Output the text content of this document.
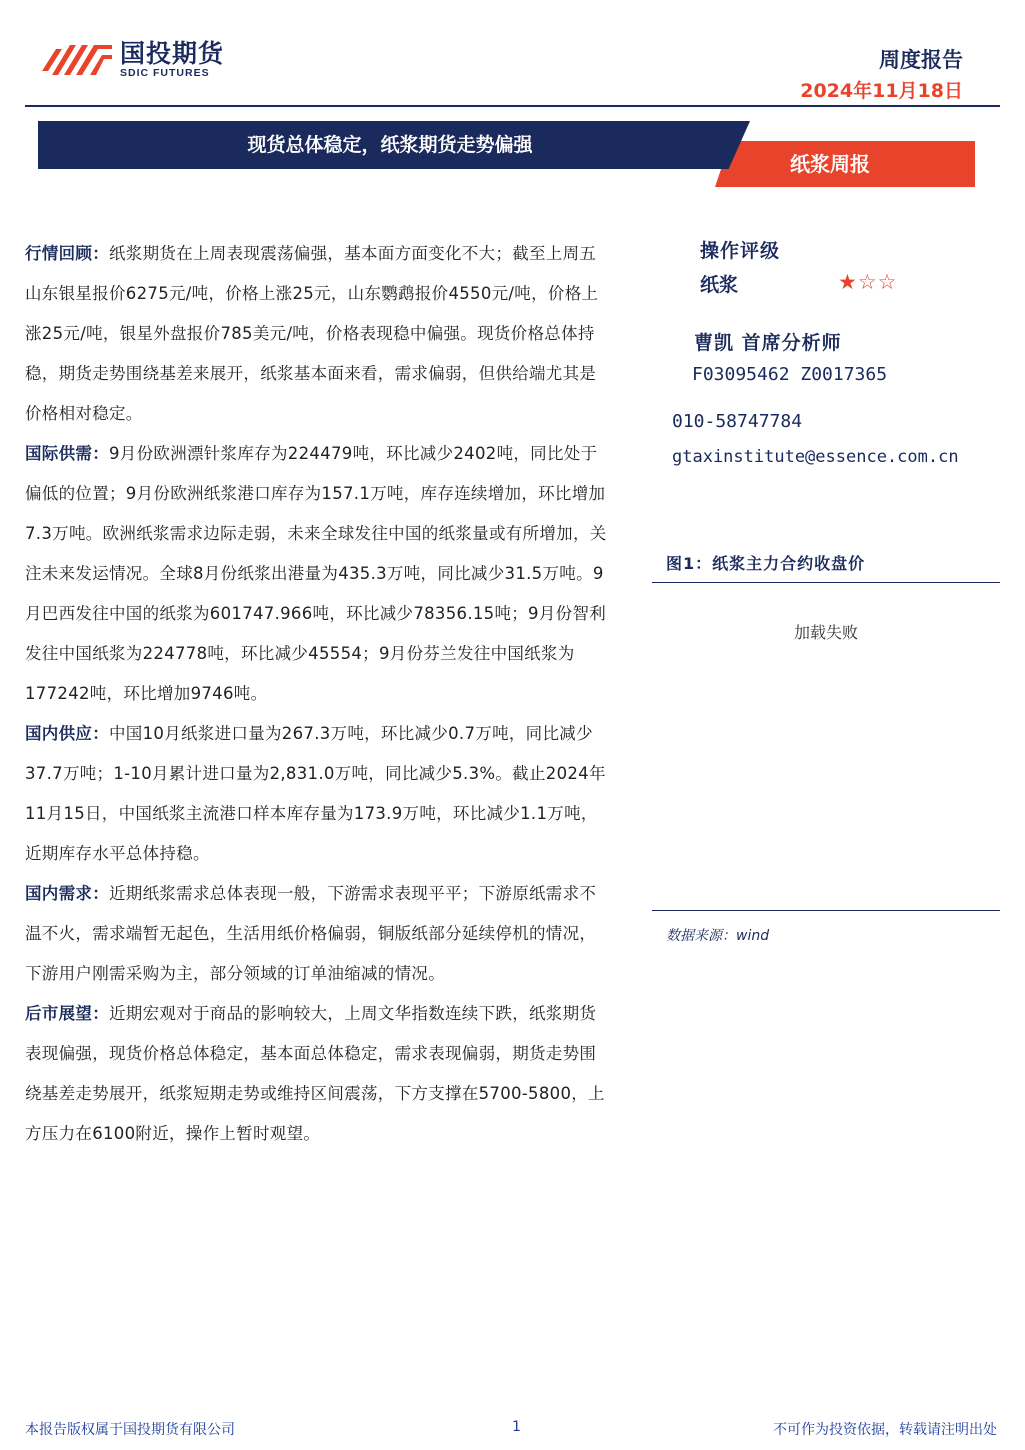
国投期货
SDIC FUTURES
周度报告
2024年11月18日
纸浆周报
现货总体稳定，纸浆期货走势偏强

行情回顾：纸浆期货在上周表现震荡偏强，基本面方面变化不大；截至上周五山东银星报价6275元/吨，价格上涨25元，山东鹦鹉报价4550元/吨，价格上涨25元/吨，银星外盘报价785美元/吨，价格表现稳中偏强。现货价格总体持稳，期货走势围绕基差来展开，纸浆基本面来看，需求偏弱，但供给端尤其是价格相对稳定。

国际供需：9月份欧洲漂针浆库存为224479吨，环比减少2402吨，同比处于偏低的位置；9月份欧洲纸浆港口库存为157.1万吨，库存连续增加，环比增加7.3万吨。欧洲纸浆需求边际走弱，未来全球发往中国的纸浆量或有所增加，关注未来发运情况。全球8月份纸浆出港量为435.3万吨，同比减少31.5万吨。9月巴西发往中国的纸浆为601747.966吨，环比减少78356.15吨；9月份智利发往中国纸浆为224778吨，环比减少45554；9月份芬兰发往中国纸浆为177242吨，环比增加9746吨。

国内供应：中国10月纸浆进口量为267.3万吨，环比减少0.7万吨，同比减少37.7万吨；1-10月累计进口量为2,831.0万吨，同比减少5.3%。截止2024年11月15日，中国纸浆主流港口样本库存量为173.9万吨，环比减少1.1万吨，近期库存水平总体持稳。

国内需求：近期纸浆需求总体表现一般，下游需求表现平平；下游原纸需求不温不火，需求端暂无起色，生活用纸价格偏弱，铜版纸部分延续停机的情况，下游用户刚需采购为主，部分领域的订单油缩减的情况。

后市展望：近期宏观对于商品的影响较大，上周文华指数连续下跌，纸浆期货表现偏强，现货价格总体稳定，基本面总体稳定，需求表现偏弱，期货走势围绕基差走势展开，纸浆短期走势或维持区间震荡，下方支撑在5700-5800，上方压力在6100附近，操作上暂时观望。

操作评级
纸浆	★☆☆
曹凯 首席分析师
F03095462 Z0017365
010-58747784
gtaxinstitute@essence.com.cn
图1：纸浆主力合约收盘价
加载失败
数据来源：wind
本报告版权属于国投期货有限公司	1	不可作为投资依据，转载请注明出处
